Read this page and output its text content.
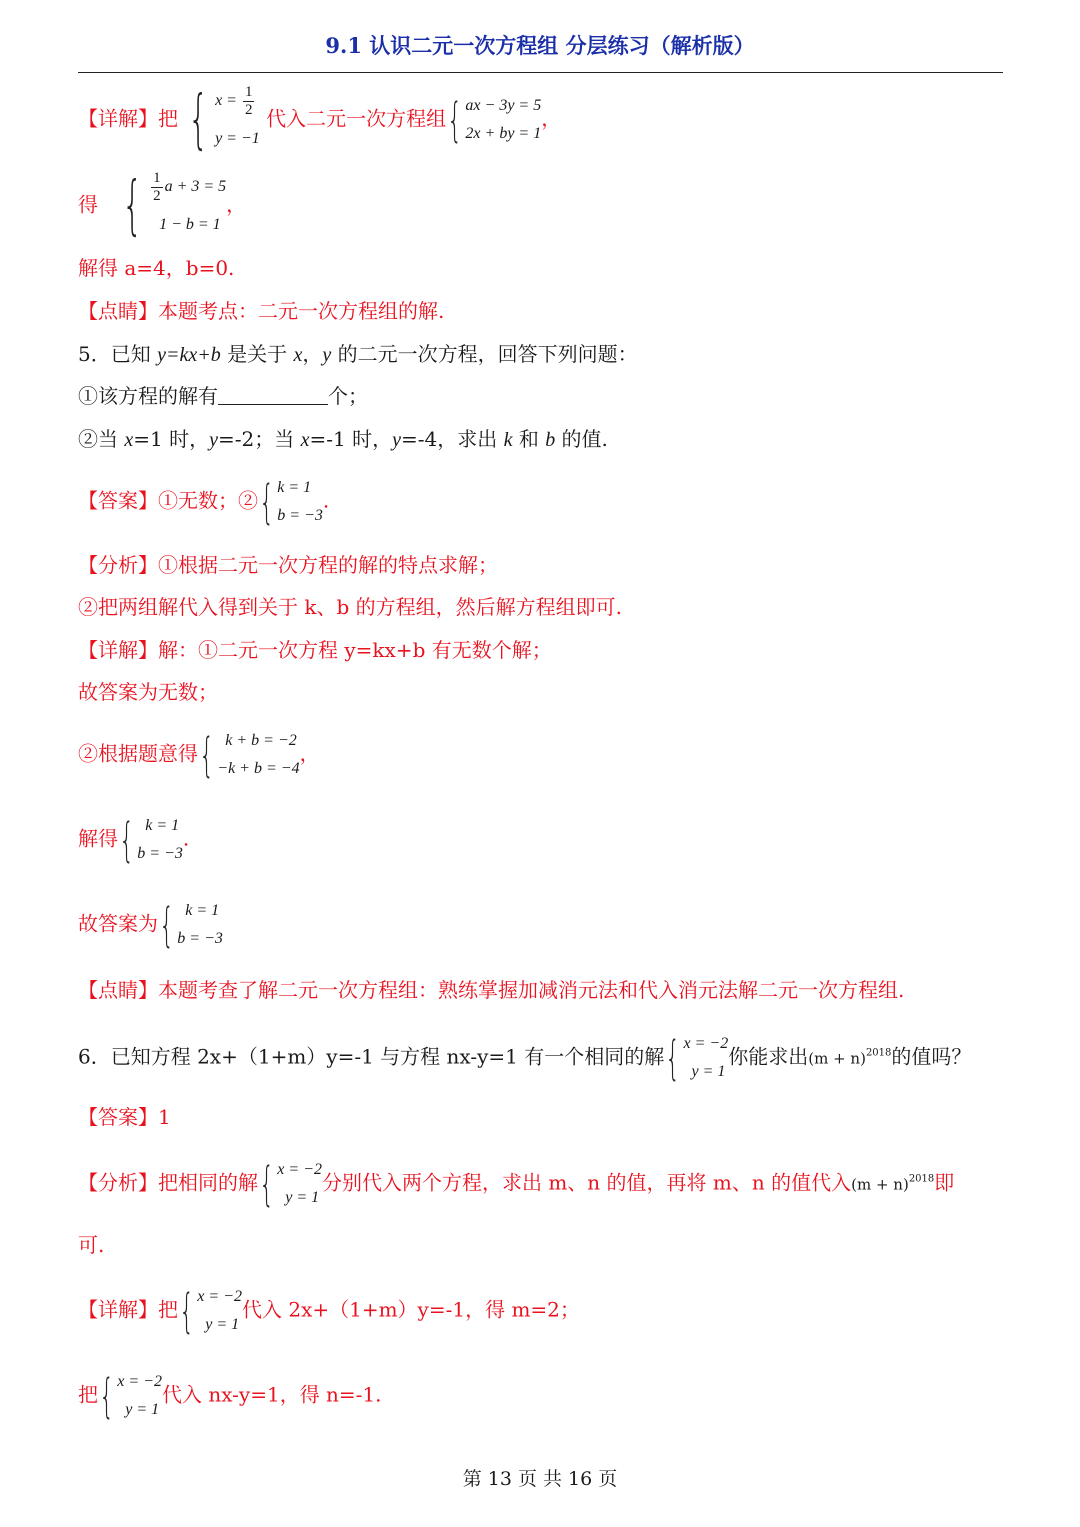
9.1 认识二元一次方程组 分层练习（解析版）
【详解】把 { $x = \frac{1}{2}$
y = −1
代入二元一次方程组 { ax − 3y = 5
2x + by = 1
，
得 { $\frac{1}{2}$ a + 3 = 5
1 − b = 1
，
解得 a=4，b=0.
【点睛】本题考点：二元一次方程组的解.
5．已知 y=kx+b 是关于 x，y 的二元一次方程，回答下列问题：
①该方程的解有	个；
②当 x=1 时，y=-2；当 x=-1 时，y=-4，求出 k 和 b 的值.
【答案】①无数；② { k = 1
b = −3
.
【分析】①根据二元一次方程的解的特点求解；
②把两组解代入得到关于 k、b 的方程组，然后解方程组即可.
【详解】解：①二元一次方程 y=kx+b 有无数个解；
故答案为无数；
②根据题意得 { k + b = −2
−k + b = −4
，
解得 { k = 1
b = −3
.
故答案为 { k = 1
b = −3
【点睛】本题考查了解二元一次方程组：熟练掌握加减消元法和代入消元法解二元一次方程组.
6．已知方程 2x+（1+m）y=-1 与方程 nx-y=1 有一个相同的解 { x = −2
y = 1
你能求出$(m + n)^{2018}$的值吗？
【答案】1
【分析】把相同的解 { x = −2
y = 1
分别代入两个方程，求出 m、n 的值，再将 m、n 的值代入$(m + n)^{2018}$即
可.
【详解】把 { x = −2
y = 1
代入 2x+（1+m）y=-1，得 m=2；
把 { x = −2
y = 1
代入 nx-y=1，得 n=-1.
第 13 页 共 16 页
